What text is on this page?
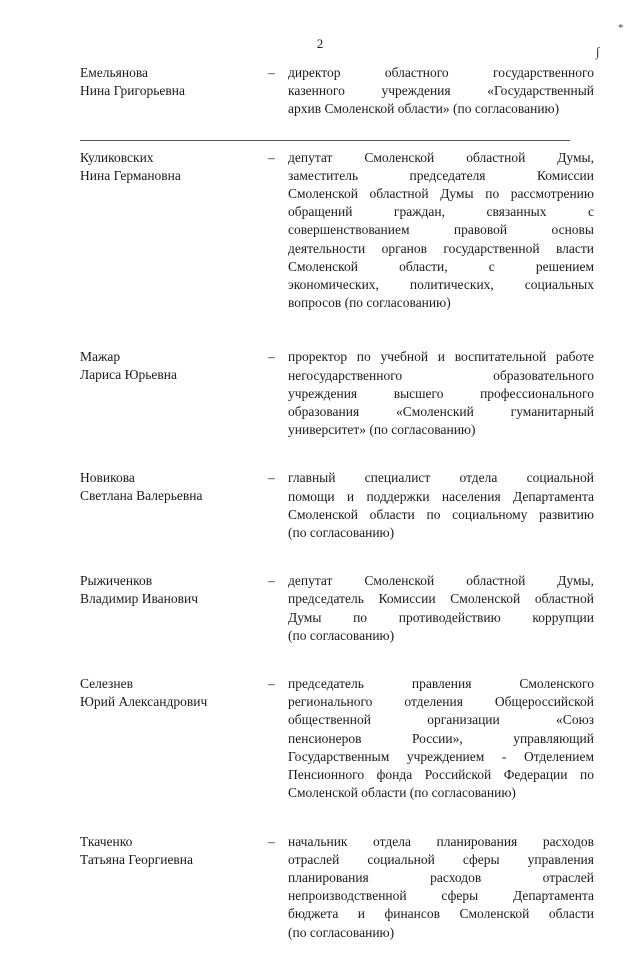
2
*
∫
Емельянова
Нина Григорьевна
– директор областного государственного
казенного учреждения «Государственный
архив Смоленской области» (по согласованию)
Куликовских
Нина Германовна
– депутат Смоленской областной Думы,
заместитель председателя Комиссии
Смоленской областной Думы по рассмотрению
обращений граждан, связанных с
совершенствованием правовой основы
деятельности органов государственной власти
Смоленской области, с решением
экономических, политических, социальных
вопросов (по согласованию)
Мажар
Лариса Юрьевна
– проректор по учебной и воспитательной работе
негосударственного образовательного
учреждения высшего профессионального
образования «Смоленский гуманитарный
университет» (по согласованию)
Новикова
Светлана Валерьевна
– главный специалист отдела социальной
помощи и поддержки населения Департамента
Смоленской области по социальному развитию
(по согласованию)
Рыжиченков
Владимир Иванович
– депутат Смоленской областной Думы,
председатель Комиссии Смоленской областной
Думы по противодействию коррупции
(по согласованию)
Селезнев
Юрий Александрович
– председатель правления Смоленского
регионального отделения Общероссийской
общественной организации «Союз
пенсионеров России», управляющий
Государственным учреждением - Отделением
Пенсионного фонда Российской Федерации по
Смоленской области (по согласованию)
Ткаченко
Татьяна Георгиевна
– начальник отдела планирования расходов
отраслей социальной сферы управления
планирования расходов отраслей
непроизводственной сферы Департамента
бюджета и финансов Смоленской области
(по согласованию)
